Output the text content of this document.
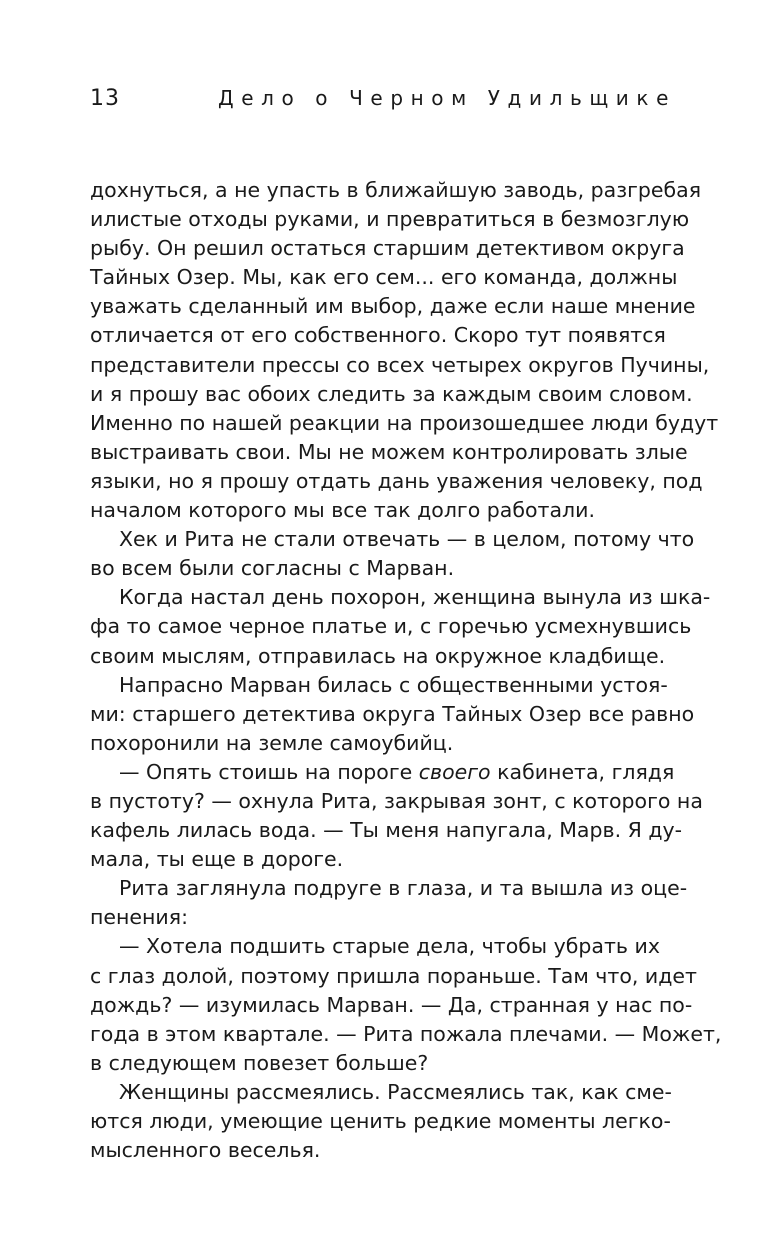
13	Дело о Черном Удильщике
дохнуться, а не упасть в ближайшую заводь, разгребая
илистые отходы руками, и превратиться в безмозглую
рыбу. Он решил остаться старшим детективом округа
Тайных Озер. Мы, как его сем... его команда, должны
уважать сделанный им выбор, даже если наше мнение
отличается от его собственного. Скоро тут появятся
представители прессы со всех четырех округов Пучины,
и я прошу вас обоих следить за каждым своим словом.
Именно по нашей реакции на произошедшее люди будут
выстраивать свои. Мы не можем контролировать злые
языки, но я прошу отдать дань уважения человеку, под
началом которого мы все так долго работали.
Хек и Рита не стали отвечать — в целом, потому что
во всем были согласны с Марван.
Когда настал день похорон, женщина вынула из шка-
фа то самое черное платье и, с горечью усмехнувшись
своим мыслям, отправилась на окружное кладбище.
Напрасно Марван билась с общественными устоя-
ми: старшего детектива округа Тайных Озер все равно
похоронили на земле самоубийц.
— Опять стоишь на пороге своего кабинета, глядя
в пустоту? — охнула Рита, закрывая зонт, с которого на
кафель лилась вода. — Ты меня напугала, Марв. Я ду-
мала, ты еще в дороге.
Рита заглянула подруге в глаза, и та вышла из оце-
пенения:
— Хотела подшить старые дела, чтобы убрать их
с глаз долой, поэтому пришла пораньше. Там что, идет
дождь? — изумилась Марван. — Да, странная у нас по-
года в этом квартале. — Рита пожала плечами. — Может,
в следующем повезет больше?
Женщины рассмеялись. Рассмеялись так, как сме-
ются люди, умеющие ценить редкие моменты легко-
мысленного веселья.
